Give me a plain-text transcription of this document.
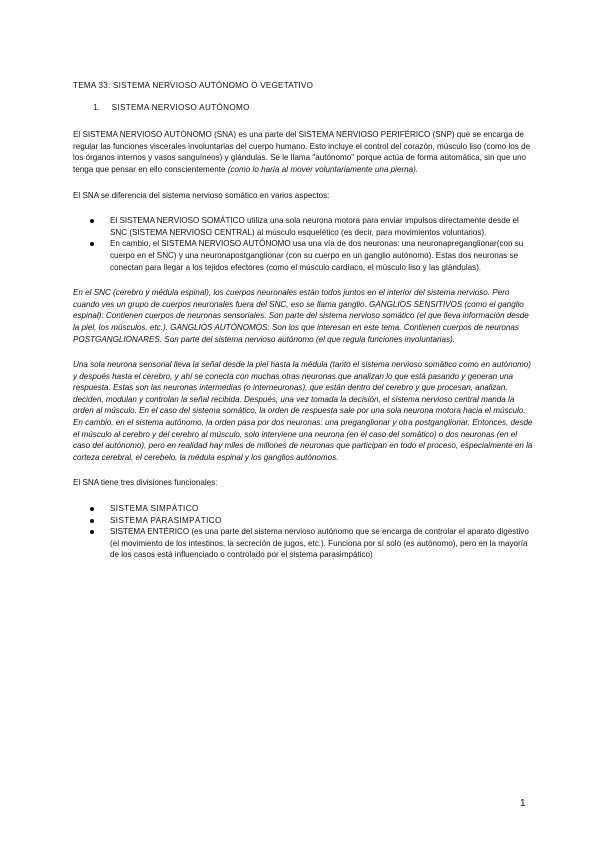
TEMA 33: SISTEMA NERVIOSO AUTÓNOMO O VEGETATIVO

1. SISTEMA NERVIOSO AUTÓNOMO

El SISTEMA NERVIOSO AUTÓNOMO (SNA) es una parte del SISTEMA NERVIOSO PERIFÉRICO (SNP) que se encarga de regular las funciones viscerales involuntarias del cuerpo humano. Esto incluye el control del corazón, músculo liso (como los de los órganos internos y vasos sanguíneos) y glándulas. Se le llama "autónomo" porque actúa de forma automática, sin que uno tenga que pensar en ello conscientemente (como lo haría al mover voluntariamente una pierna).

El SNA se diferencia del sistema nervioso somático en varios aspectos:

El SISTEMA NERVIOSO SOMÁTICO utiliza una sola neurona motora para enviar impulsos directamente desde el SNC (SISTEMA NERVIOSO CENTRAL) al músculo esquelético (es decir, para movimientos voluntarios).
En cambio, el SISTEMA NERVIOSO AUTÓNOMO usa una vía de dos neuronas: una neuronapreganglionar(con su cuerpo en el SNC) y una neuronapostganglionar (con su cuerpo en un ganglio autónomo). Estas dos neuronas se conectan para llegar a los tejidos efectores (como el músculo cardíaco, el músculo liso y las glándulas).

En el SNC (cerebro y médula espinal), los cuerpos neuronales están todos juntos en el interior del sistema nervioso. Pero cuando ves un grupo de cuerpos neuronales fuera del SNC, eso se llama ganglio. GANGLIOS SENSITIVOS (como el ganglio espinal): Contienen cuerpos de neuronas sensoriales. Son parte del sistema nervioso somático (el que lleva información desde la piel, los músculos, etc.). GANGLIOS AUTÓNOMOS: Son los que interesan en este tema. Contienen cuerpos de neuronas POSTGANGLIONARES. Son parte del sistema nervioso autónomo (el que regula funciones involuntarias).

Una sola neurona sensorial lleva la señal desde la piel hasta la médula (tanto el sistema nervioso somático como en autónomo) y después hasta el cerebro, y ahí se conecta con muchas otras neuronas que analizan lo que está pasando y generan una respuesta. Estas son las neuronas intermedias (o interneuronas), que están dentro del cerebro y que procesan, analizan, deciden, modulan y controlan la señal recibida. Después, una vez tomada la decisión, el sistema nervioso central manda la orden al músculo. En el caso del sistema somático, la orden de respuesta sale por una sola neurona motora hacia el músculo. En cambio, en el sistema autónomo, la orden pasa por dos neuronas: una preganglionar y otra postganglionar. Entonces, desde el músculo al cerebro y del cerebro al músculo, solo interviene una neurona (en el caso del somático) o dos neuronas (en el caso del autónomo), pero en realidad hay miles de millones de neuronas que participan en todo el proceso, especialmente en la corteza cerebral, el cerebelo, la médula espinal y los ganglios autónomos.

El SNA tiene tres divisiones funcionales:

SISTEMA SIMPÁTICO
SISTEMA PARASIMPÁTICO
SISTEMA ENTÉRICO (es una parte del sistema nervioso autónomo que se encarga de controlar el aparato digestivo (el movimiento de los intestinos, la secreción de jugos, etc.). Funciona por sí solo (es autónomo), pero en la mayoría de los casos está influenciado o controlado por el sistema parasimpático)
1
